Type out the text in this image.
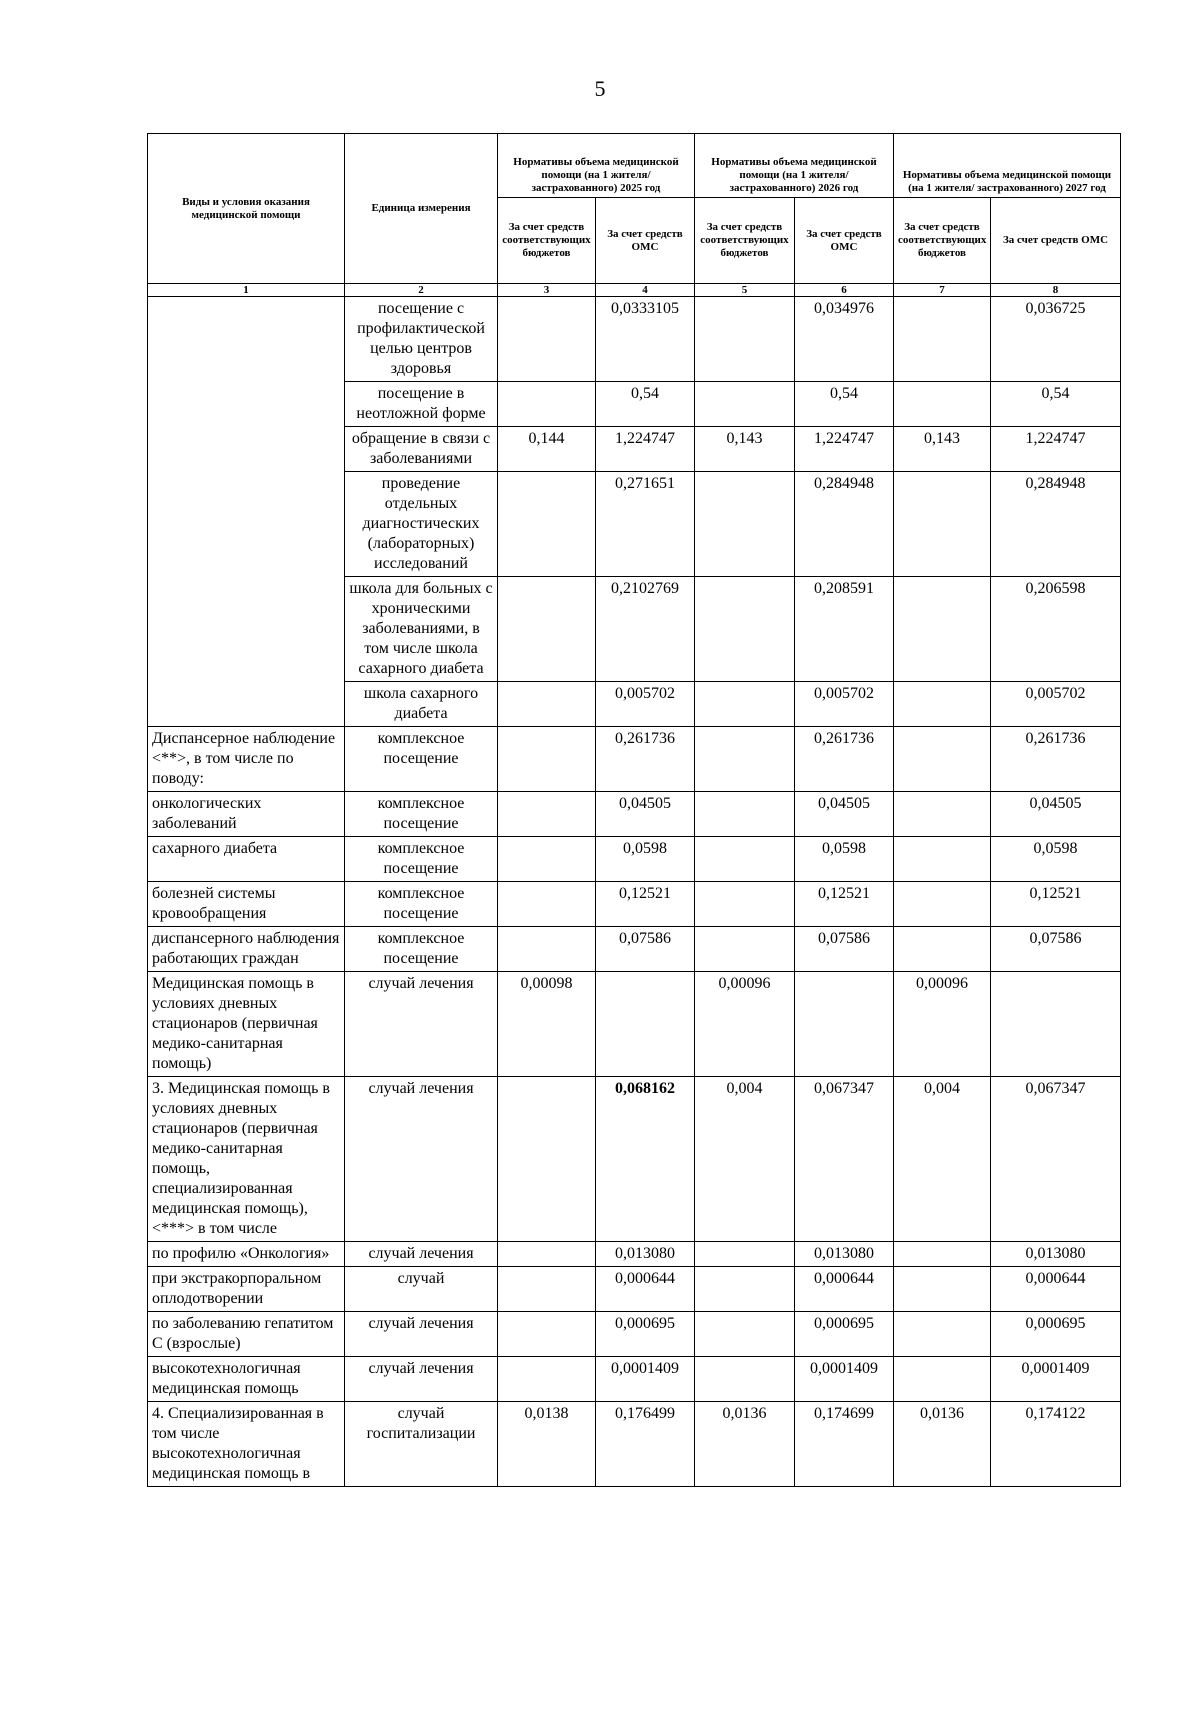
5
Виды и условия оказания медицинской помощи	Единица измерения	Нормативы объема медицинской помощи (на 1 жителя/ застрахованного) 2025 год		Нормативы объема медицинской помощи (на 1 жителя/ застрахованного) 2026 год		Нормативы объема медицинской помощи (на 1 жителя/ застрахованного) 2027 год	
		За счет средств соответствующих бюджетов	За счет средств ОМС	За счет средств соответствующих бюджетов	За счет средств ОМС	За счет средств соответствующих бюджетов	За счет средств ОМС
1	2	3	4	5	6	7	8
	посещение с профилактической целью центров здоровья		0,0333105		0,034976		0,036725
	посещение в неотложной форме		0,54		0,54		0,54
	обращение в связи с заболеваниями	0,144	1,224747	0,143	1,224747	0,143	1,224747
	проведение отдельных диагностических (лабораторных) исследований		0,271651		0,284948		0,284948
	школа для больных с хроническими заболеваниями, в том числе школа сахарного диабета		0,2102769		0,208591		0,206598
	школа сахарного диабета		0,005702		0,005702		0,005702
Диспансерное наблюдение <**>, в том числе по поводу:	комплексное посещение		0,261736		0,261736		0,261736
онкологических заболеваний	комплексное посещение		0,04505		0,04505		0,04505
сахарного диабета	комплексное посещение		0,0598		0,0598		0,0598
болезней системы кровообращения	комплексное посещение		0,12521		0,12521		0,12521
диспансерного наблюдения работающих граждан	комплексное посещение		0,07586		0,07586		0,07586
Медицинская помощь в условиях дневных стационаров (первичная медико-санитарная помощь)	случай лечения	0,00098		0,00096		0,00096	
3. Медицинская помощь в условиях дневных стационаров (первичная медико-санитарная помощь, специализированная медицинская помощь), <***> в том числе	случай лечения		0,068162	0,004	0,067347	0,004	0,067347
по профилю «Онкология»	случай лечения		0,013080		0,013080		0,013080
при экстракорпоральном оплодотворении	случай		0,000644		0,000644		0,000644
по заболеванию гепатитом С (взрослые)	случай лечения		0,000695		0,000695		0,000695
высокотехнологичная медицинская помощь	случай лечения		0,0001409		0,0001409		0,0001409
4. Специализированная в том числе высокотехнологичная медицинская помощь в	случай госпитализации	0,0138	0,176499	0,0136	0,174699	0,0136	0,174122
